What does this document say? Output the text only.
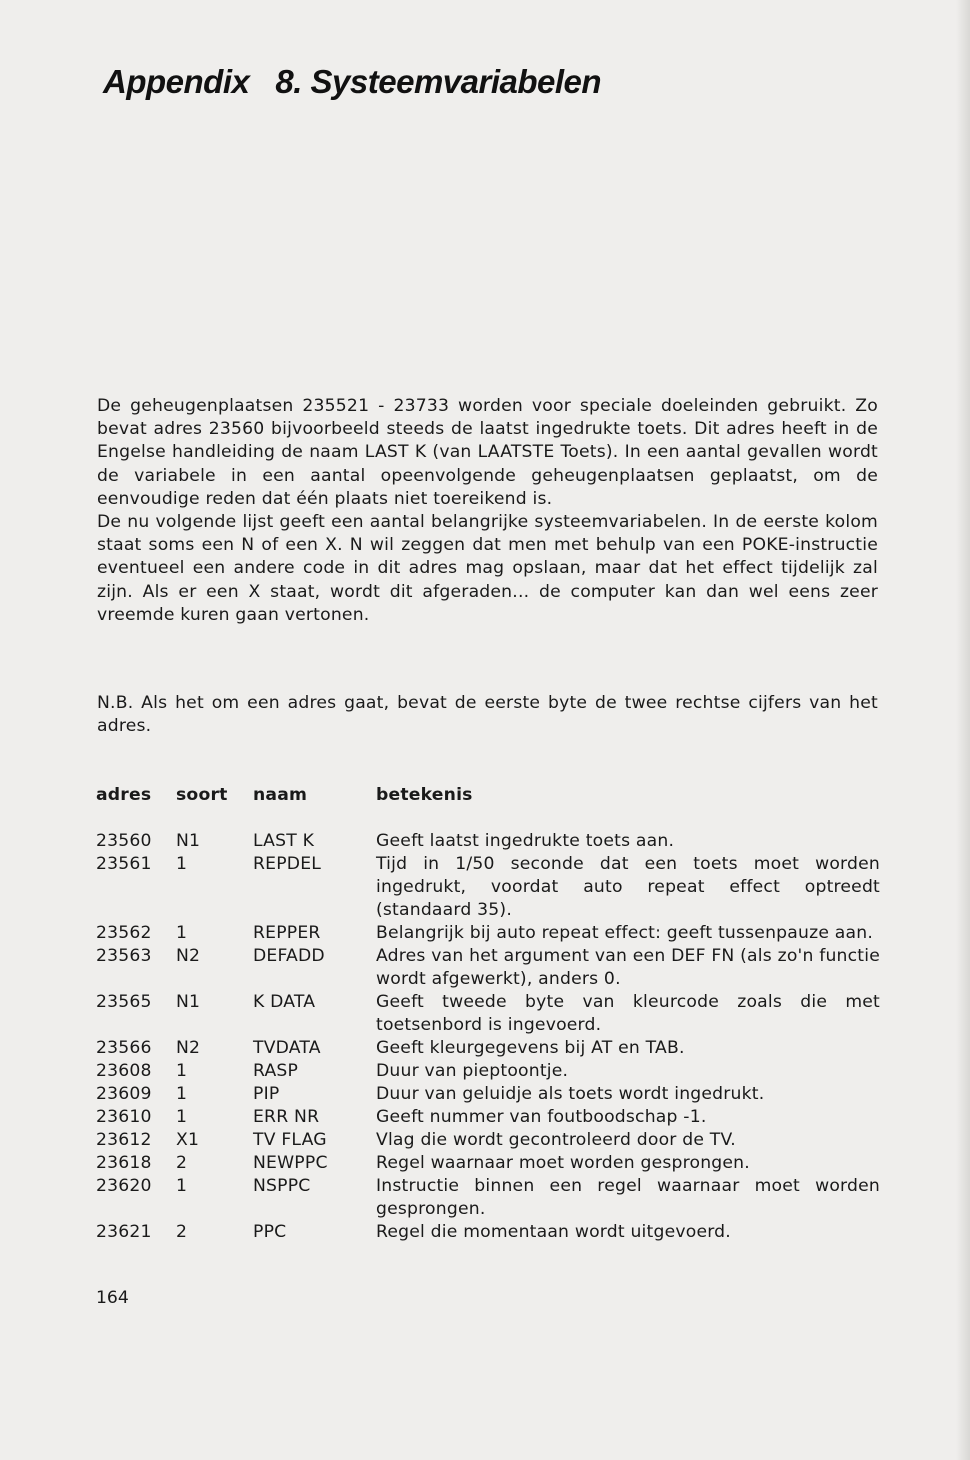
Appendix 8. Systeemvariabelen

De geheugenplaatsen 235521 - 23733 worden voor speciale doeleinden gebruikt. Zo bevat adres 23560 bijvoorbeeld steeds de laatst ingedrukte toets. Dit adres heeft in de Engelse handleiding de naam LAST K (van LAATSTE Toets). In een aantal gevallen wordt de variabele in een aantal opeenvolgende geheugenplaatsen geplaatst, om de eenvoudige reden dat één plaats niet toereikend is.

De nu volgende lijst geeft een aantal belangrijke systeemvariabelen. In de eerste kolom staat soms een N of een X. N wil zeggen dat men met behulp van een POKE-instructie eventueel een andere code in dit adres mag opslaan, maar dat het effect tijdelijk zal zijn. Als er een X staat, wordt dit afgeraden... de computer kan dan wel eens zeer vreemde kuren gaan vertonen.

N.B. Als het om een adres gaat, bevat de eerste byte de twee rechtse cijfers van het adres.
adres	soort	naam	betekenis
23560	N1	LAST K	Geeft laatst ingedrukte toets aan.
23561	1	REPDEL	Tijd in 1/50 seconde dat een toets moet worden ingedrukt, voordat auto repeat effect optreedt (standaard 35).
23562	1	REPPER	Belangrijk bij auto repeat effect: geeft tussenpauze aan.
23563	N2	DEFADD	Adres van het argument van een DEF FN (als zo'n functie wordt afgewerkt), anders 0.
23565	N1	K DATA	Geeft tweede byte van kleurcode zoals die met toetsenbord is ingevoerd.
23566	N2	TVDATA	Geeft kleurgegevens bij AT en TAB.
23608	1	RASP	Duur van pieptoontje.
23609	1	PIP	Duur van geluidje als toets wordt ingedrukt.
23610	1	ERR NR	Geeft nummer van foutboodschap -1.
23612	X1	TV FLAG	Vlag die wordt gecontroleerd door de TV.
23618	2	NEWPPC	Regel waarnaar moet worden gesprongen.
23620	1	NSPPC	Instructie binnen een regel waarnaar moet worden gesprongen.
23621	2	PPC	Regel die momentaan wordt uitgevoerd.
164
